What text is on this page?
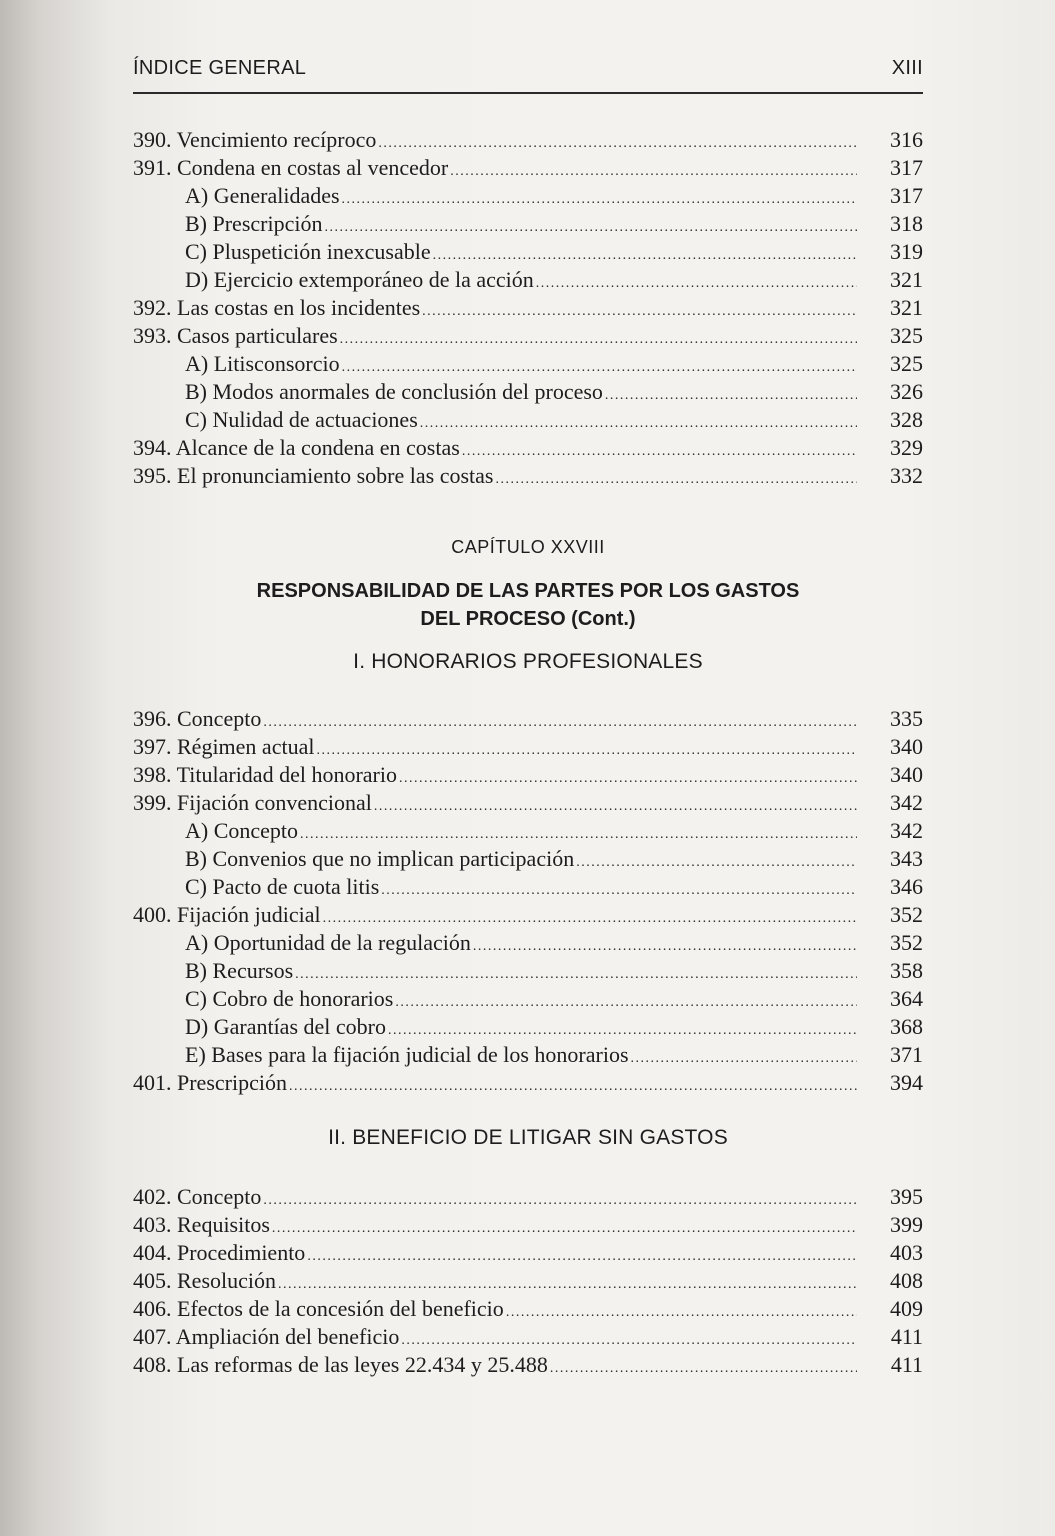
ÍNDICE GENERAL	XIII
390. Vencimiento recíproco . . .	316
391. Condena en costas al vencedor . . .	317
A) Generalidades . . .	317
B) Prescripción . . .	318
C) Pluspetición inexcusable . . .	319
D) Ejercicio extemporáneo de la acción . . .	321
392. Las costas en los incidentes . . .	321
393. Casos particulares . . .	325
A) Litisconsorcio . . .	325
B) Modos anormales de conclusión del proceso . . .	326
C) Nulidad de actuaciones . . .	328
394. Alcance de la condena en costas . . .	329
395. El pronunciamiento sobre las costas . . .	332
CAPÍTULO XXVIII
RESPONSABILIDAD DE LAS PARTES POR LOS GASTOS
DEL PROCESO (Cont.)
I. HONORARIOS PROFESIONALES
396. Concepto . . .	335
397. Régimen actual . . .	340
398. Titularidad del honorario . . .	340
399. Fijación convencional . . .	342
A) Concepto . . .	342
B) Convenios que no implican participación . . .	343
C) Pacto de cuota litis . . .	346
400. Fijación judicial . . .	352
A) Oportunidad de la regulación . . .	352
B) Recursos . . .	358
C) Cobro de honorarios . . .	364
D) Garantías del cobro . . .	368
E) Bases para la fijación judicial de los honorarios . . .	371
401. Prescripción . . .	394
II. BENEFICIO DE LITIGAR SIN GASTOS
402. Concepto . . .	395
403. Requisitos . . .	399
404. Procedimiento . . .	403
405. Resolución . . .	408
406. Efectos de la concesión del beneficio . . .	409
407. Ampliación del beneficio . . .	411
408. Las reformas de las leyes 22.434 y 25.488 . . .	411
